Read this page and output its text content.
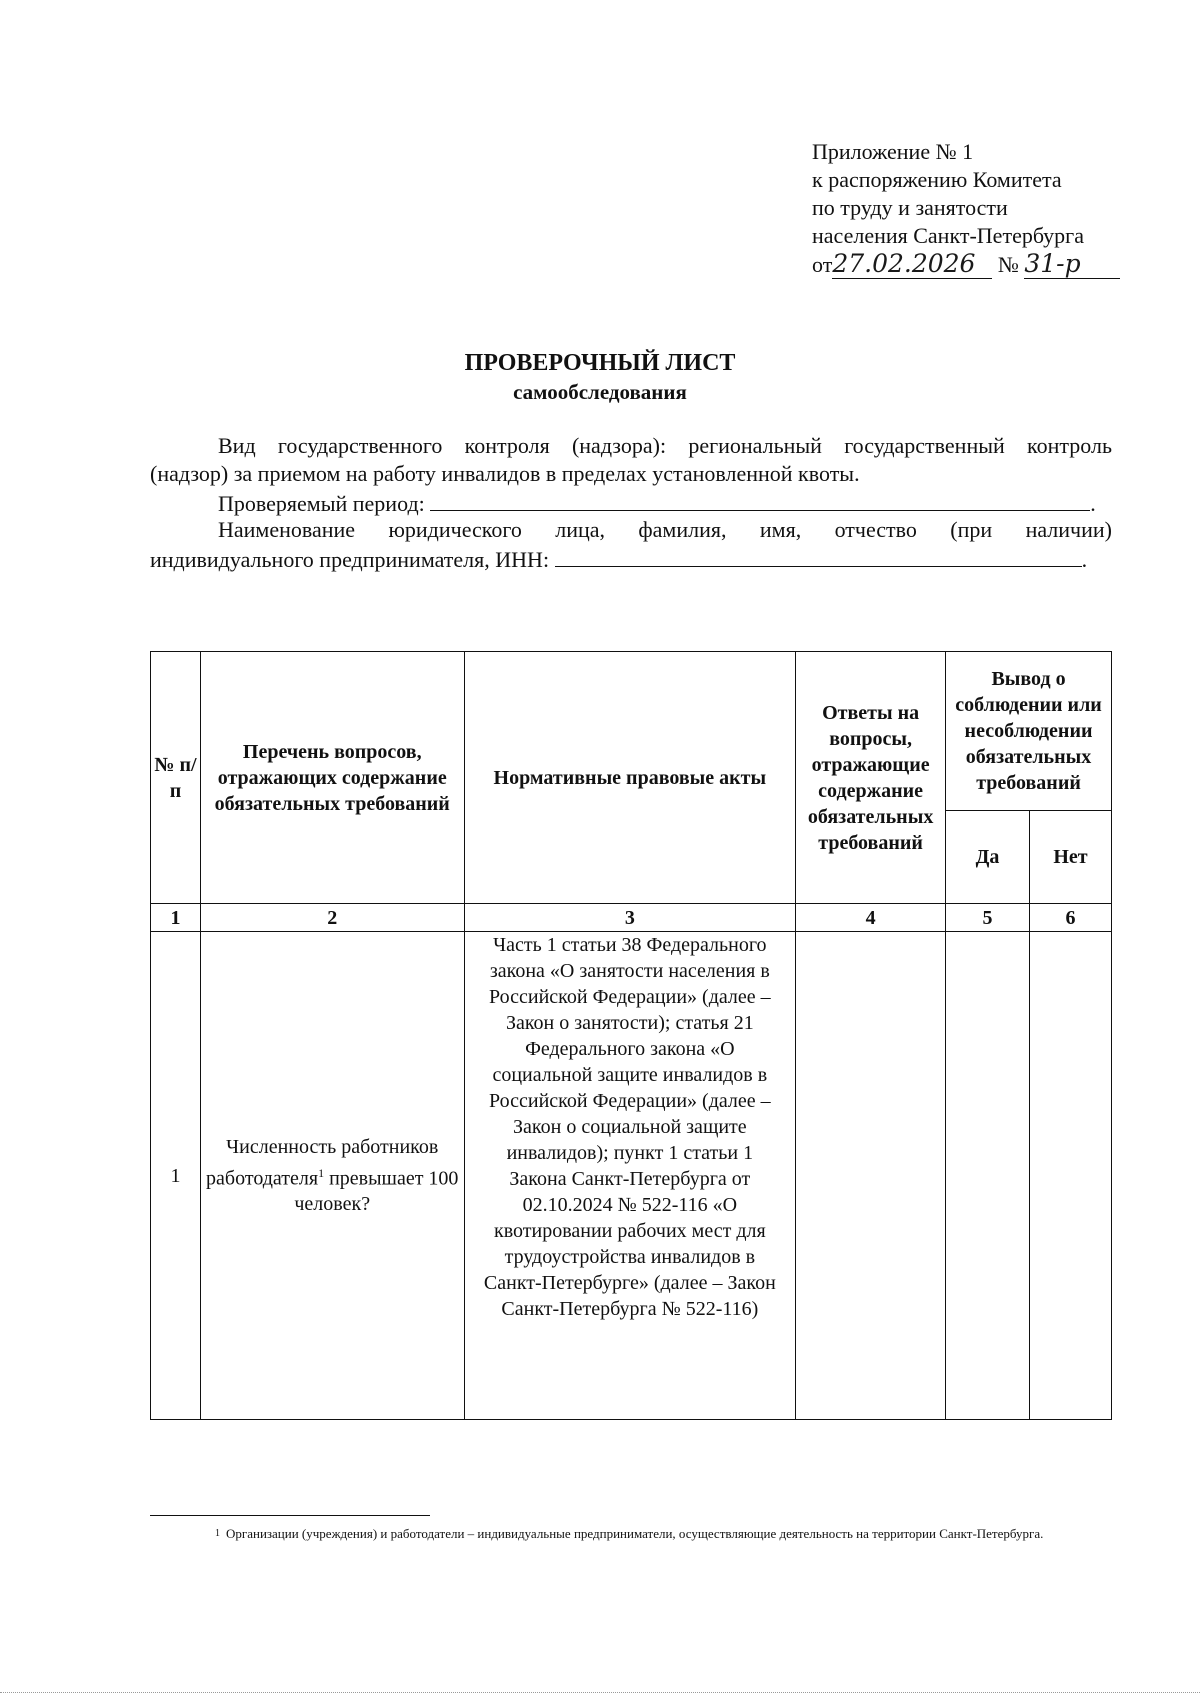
Приложение № 1
к распоряжению Комитета
по труду и занятости
населения Санкт-Петербурга
от27.02.2026 № 31-р
ПРОВЕРОЧНЫЙ ЛИСТ
самообследования
Вид государственного контроля (надзора): региональный государственный контроль
(надзор) за приемом на работу инвалидов в пределах установленной квоты.
Проверяемый период:	.
Наименование юридического лица, фамилия, имя, отчество (при наличии)
индивидуального предпринимателя, ИНН:	.
№ п/п	Перечень вопросов, отражающих содержание обязательных требований	Нормативные правовые акты	Ответы на вопросы, отражающие содержание обязательных требований	Вывод о соблюдении или несоблюдении обязательных требований	
				Да	Нет
1	2	3	4	5	6
1	Численность работников работодателя$^1$ превышает 100 человек?	Часть 1 статьи 38 Федерального закона «О занятости населения в Российской Федерации» (далее – Закон о занятости); статья 21 Федерального закона «О социальной защите инвалидов в Российской Федерации» (далее – Закон о социальной защите инвалидов); пункт 1 статьи 1 Закона Санкт-Петербурга от 02.10.2024 № 522-116 «О квотировании рабочих мест для трудоустройства инвалидов в Санкт-Петербурге» (далее – Закон Санкт-Петербурга № 522-116)			
1 Организации (учреждения) и работодатели – индивидуальные предприниматели, осуществляющие деятельность на территории Санкт-Петербурга.
